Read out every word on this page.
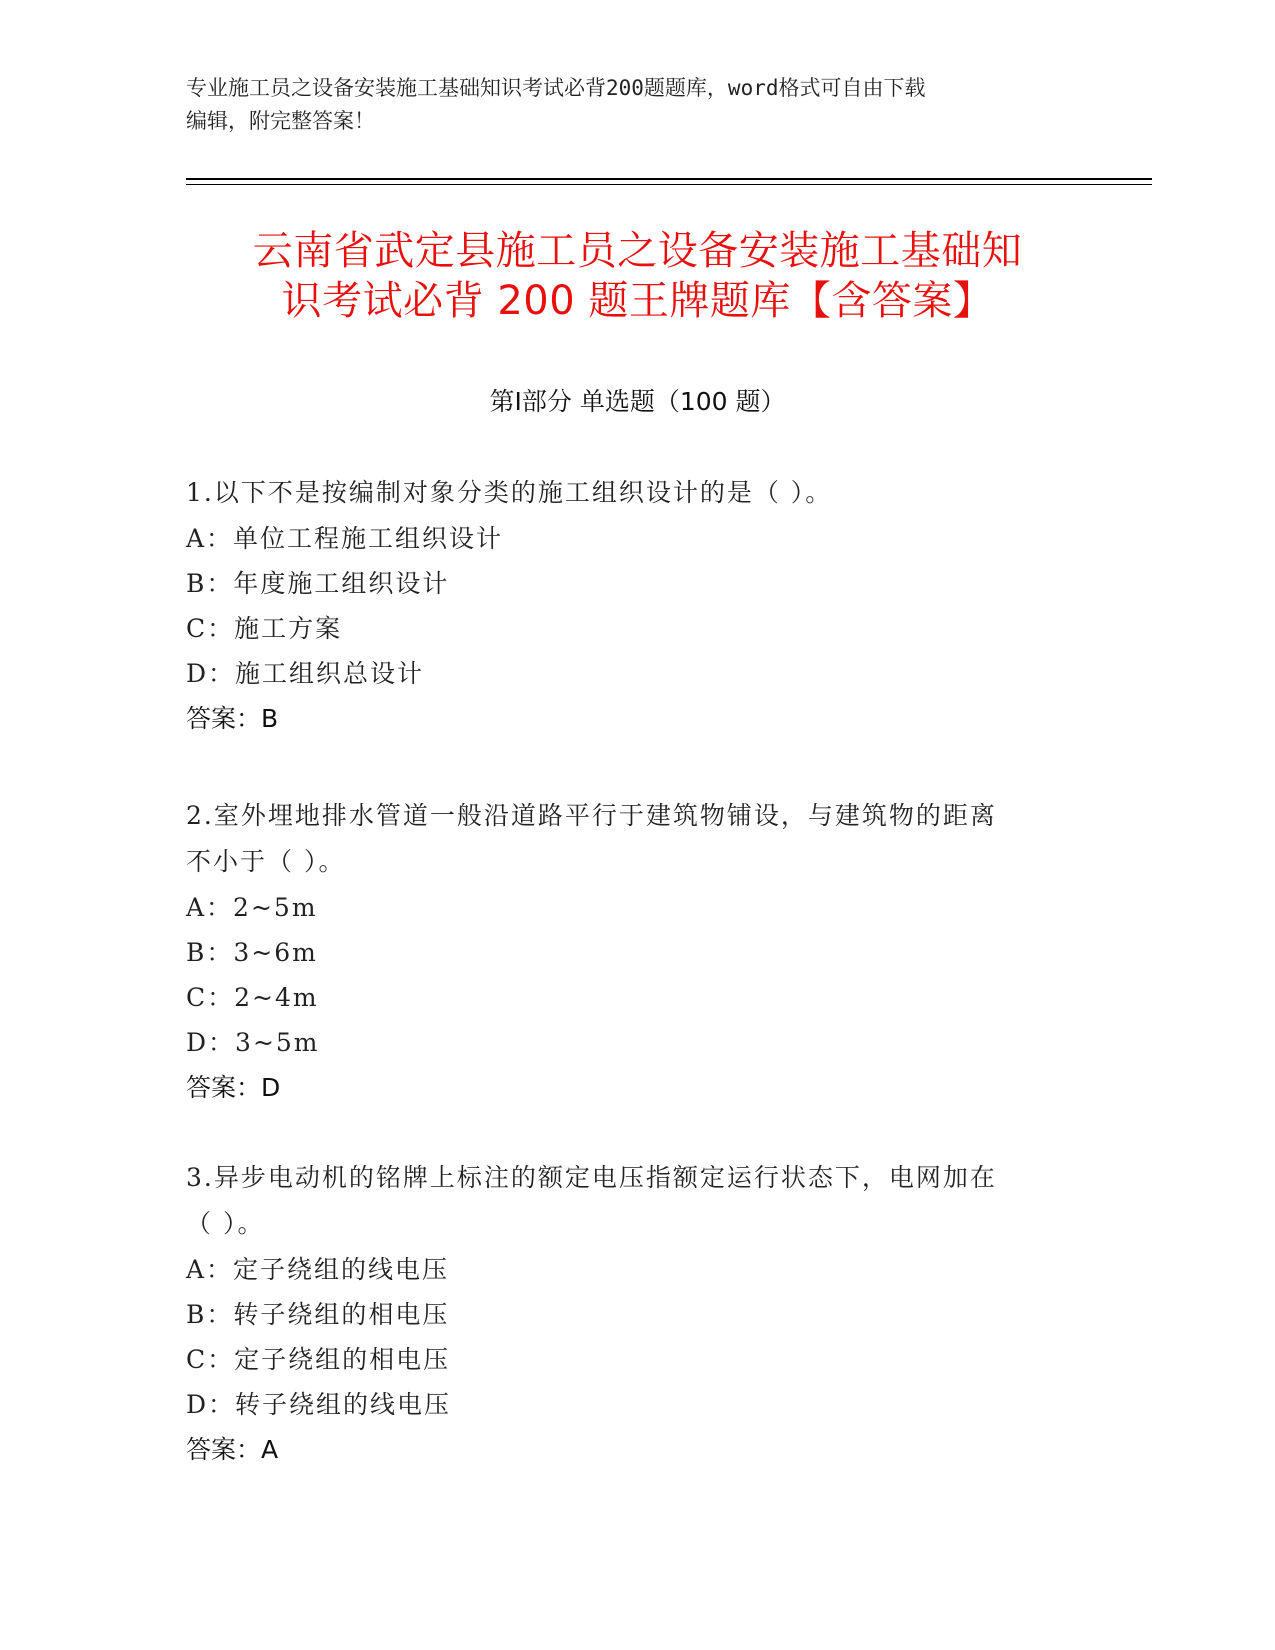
专业施工员之设备安装施工基础知识考试必背200题题库，word格式可自由下载
编辑，附完整答案！
云南省武定县施工员之设备安装施工基础知
识考试必背 200 题王牌题库【含答案】
第Ⅰ部分 单选题（100 题）
1.以下不是按编制对象分类的施工组织设计的是（ ）。
A：单位工程施工组织设计
B：年度施工组织设计
C：施工方案
D：施工组织总设计
答案：B
2.室外埋地排水管道一般沿道路平行于建筑物铺设，与建筑物的距离
不小于（ ）。
A：2~5m
B：3~6m
C：2~4m
D：3~5m
答案：D
3.异步电动机的铭牌上标注的额定电压指额定运行状态下，电网加在
（ ）。
A：定子绕组的线电压
B：转子绕组的相电压
C：定子绕组的相电压
D：转子绕组的线电压
答案：A
